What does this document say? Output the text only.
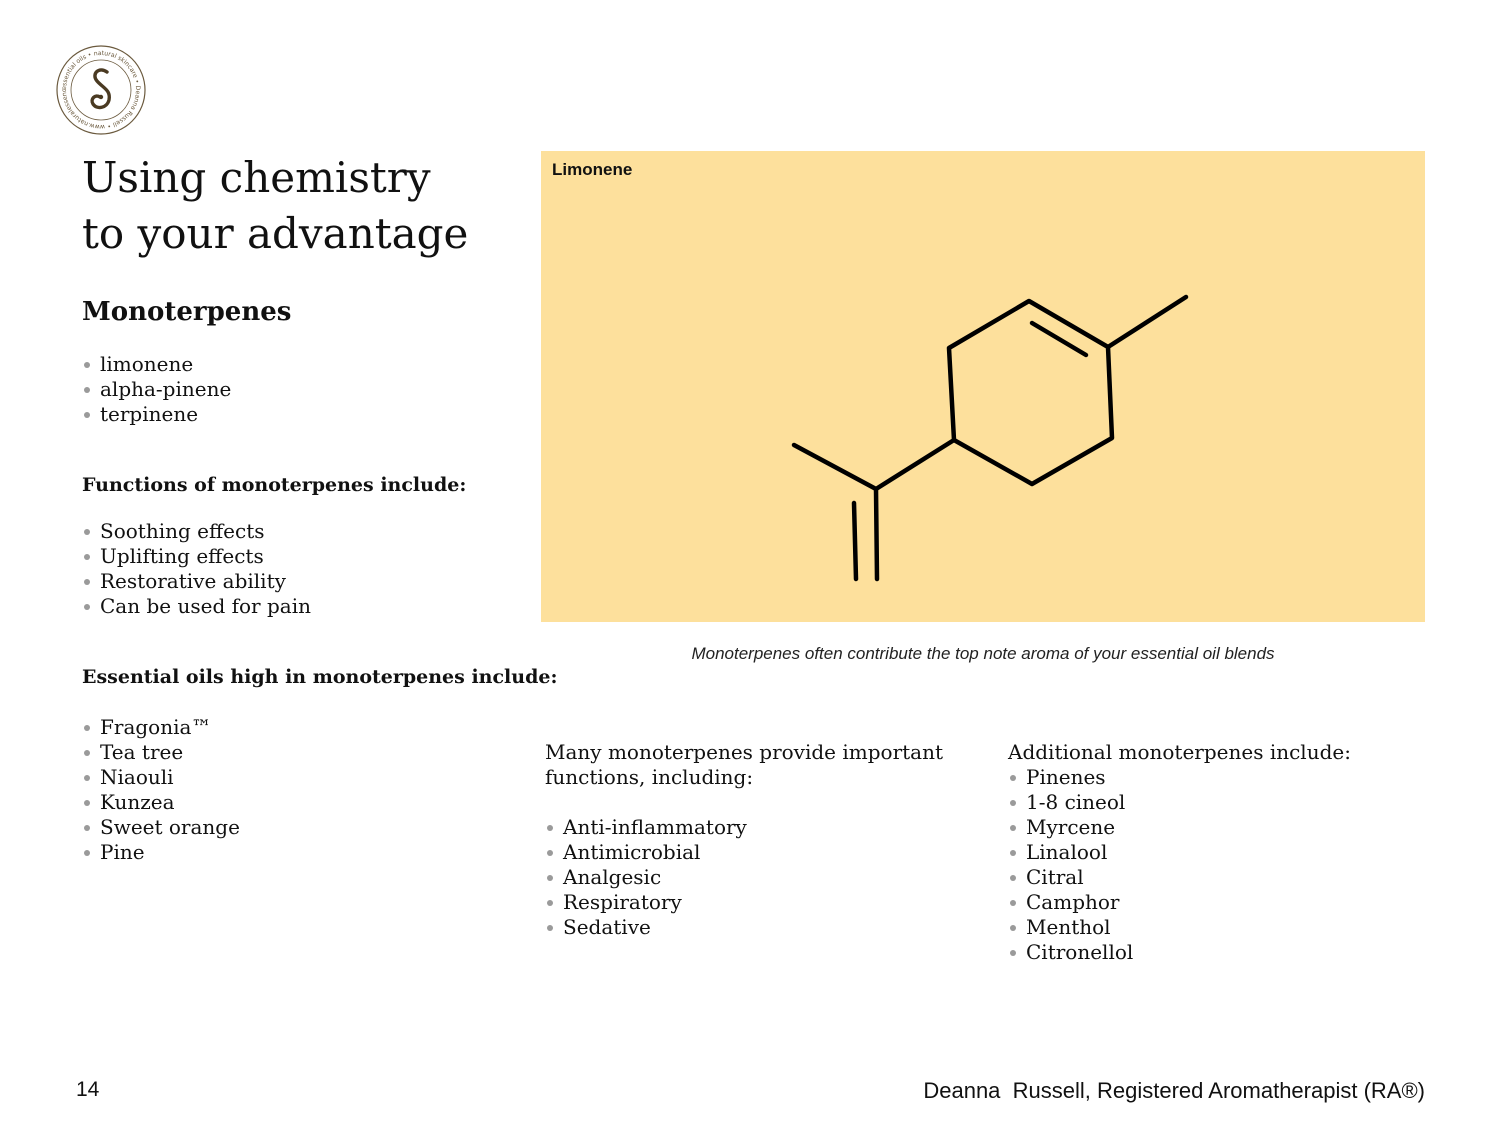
essential oils • natural skincare • Deanna Russell • www.naturalessenc
Using chemistry
to your advantage
Monoterpenes
limonene
alpha-pinene
terpinene
Functions of monoterpenes include:
Soothing effects
Uplifting effects
Restorative ability
Can be used for pain
Essential oils high in monoterpenes include:
Fragonia™
Tea tree
Niaouli
Kunzea
Sweet orange
Pine
Limonene
Monoterpenes often contribute the top note aroma of your essential oil blends

Many monoterpenes provide important

functions, including:

Anti-inflammatory
Antimicrobial
Analgesic
Respiratory
Sedative

Additional monoterpenes include:

Pinenes
1-8 cineol
Myrcene
Linalool
Citral
Camphor
Menthol
Citronellol
14	Deanna  Russell, Registered Aromatherapist (RA®)
